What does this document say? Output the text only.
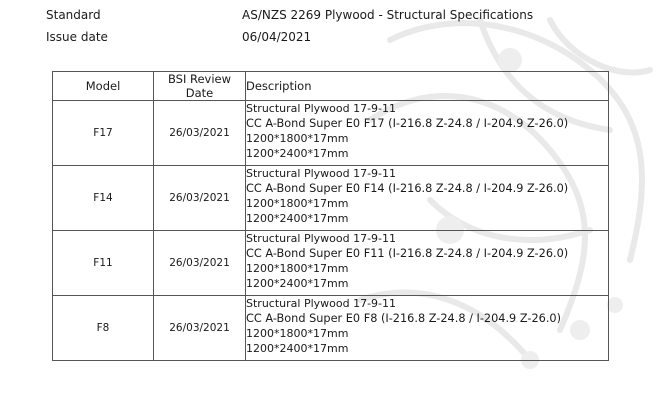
Standard	AS/NZS 2269 Plywood - Structural Specifications
Issue date	06/04/2021
Model	BSI Review Date	Description
F17	26/03/2021	Structural Plywood 17-9-11
CC A-Bond Super E0 F17 (I-216.8 Z-24.8 / I-204.9 Z-26.0)
1200*1800*17mm
1200*2400*17mm

F14	26/03/2021	Structural Plywood 17-9-11
CC A-Bond Super E0 F14 (I-216.8 Z-24.8 / I-204.9 Z-26.0)
1200*1800*17mm
1200*2400*17mm

F11	26/03/2021	Structural Plywood 17-9-11
CC A-Bond Super E0 F11 (I-216.8 Z-24.8 / I-204.9 Z-26.0)
1200*1800*17mm
1200*2400*17mm

F8	26/03/2021	Structural Plywood 17-9-11
CC A-Bond Super E0 F8 (I-216.8 Z-24.8 / I-204.9 Z-26.0)
1200*1800*17mm
1200*2400*17mm
